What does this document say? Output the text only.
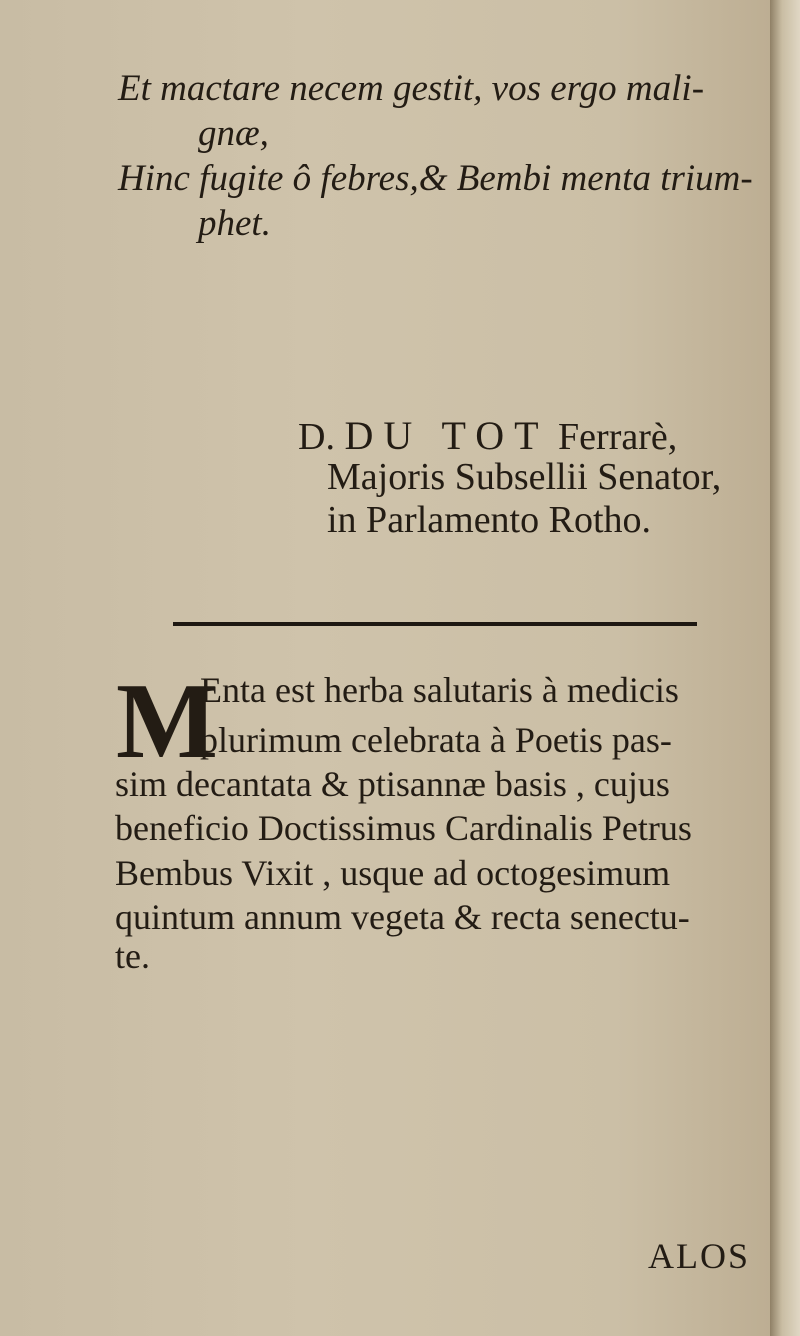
Et mactare necem gestit, vos ergo mali-
gnæ,
Hinc fugite ô febres,& Bembi menta trium-
phet.
D. DU TOT Ferrarè,
Majoris Subsellii Senator,
in Parlamento Rotho.
M
Enta est herba salutaris à medicis
plurimum celebrata à Poetis pas-
sim decantata & ptisannæ basis , cujus
beneficio Doctissimus Cardinalis Petrus
Bembus Vixit , usque ad octogesimum
quintum annum vegeta & recta senectu-
te.
ALOS
